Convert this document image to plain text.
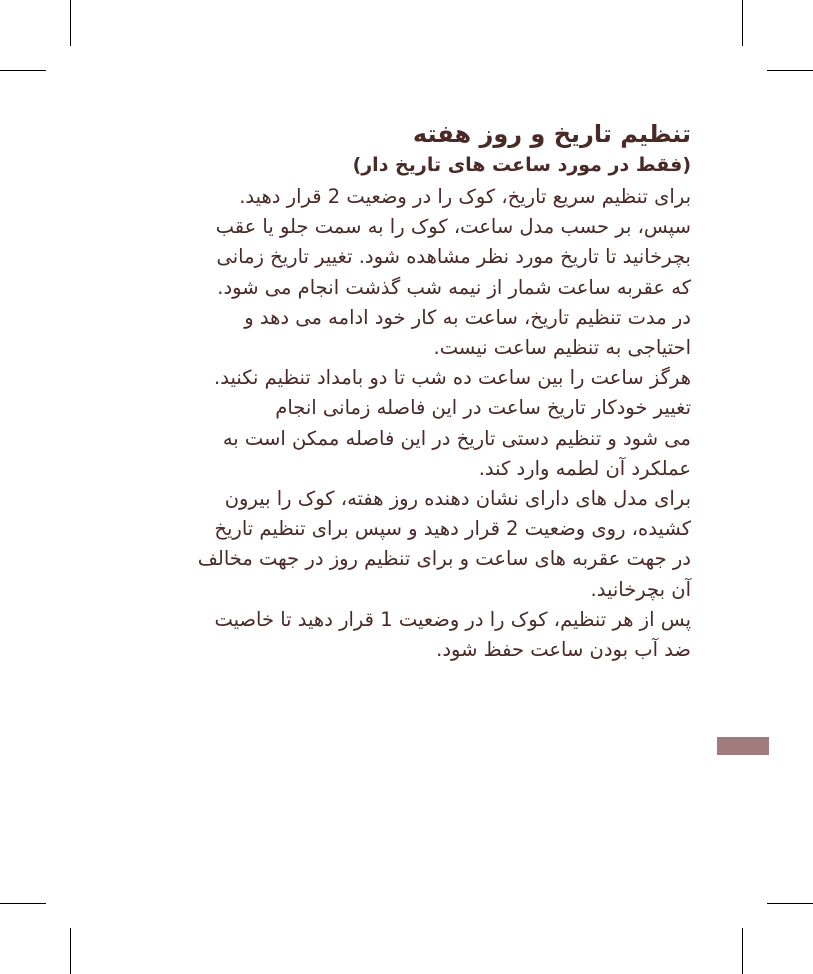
تنظیم تاریخ و روز هفته
(فقط در مورد ساعت های تاریخ دار)

برای تنظیم سریع تاریخ، کوک را در وضعیت 2 قرار دهید.

سپس، بر حسب مدل ساعت، کوک را به سمت جلو یا عقب

بچرخانید تا تاریخ مورد نظر مشاهده شود. تغییر تاریخ زمانی

که عقربه ساعت شمار از نیمه شب گذشت انجام می شود.

در مدت تنظیم تاریخ، ساعت به کار خود ادامه می دهد و

احتیاجی به تنظیم ساعت نیست.

هرگز ساعت را بین ساعت ده شب تا دو بامداد تنظیم نکنید.

تغییر خودکار تاریخ ساعت در این فاصله زمانی انجام

می شود و تنظیم دستی تاریخ در این فاصله ممکن است به

عملکرد آن لطمه وارد کند.

برای مدل های دارای نشان دهنده روز هفته، کوک را بیرون

کشیده، روی وضعیت 2 قرار دهید و سپس برای تنظیم تاریخ

در جهت عقربه های ساعت و برای تنظیم روز در جهت مخالف

آن بچرخانید.

پس از هر تنظیم، کوک را در وضعیت 1 قرار دهید تا خاصیت

ضد آب بودن ساعت حفظ شود.
